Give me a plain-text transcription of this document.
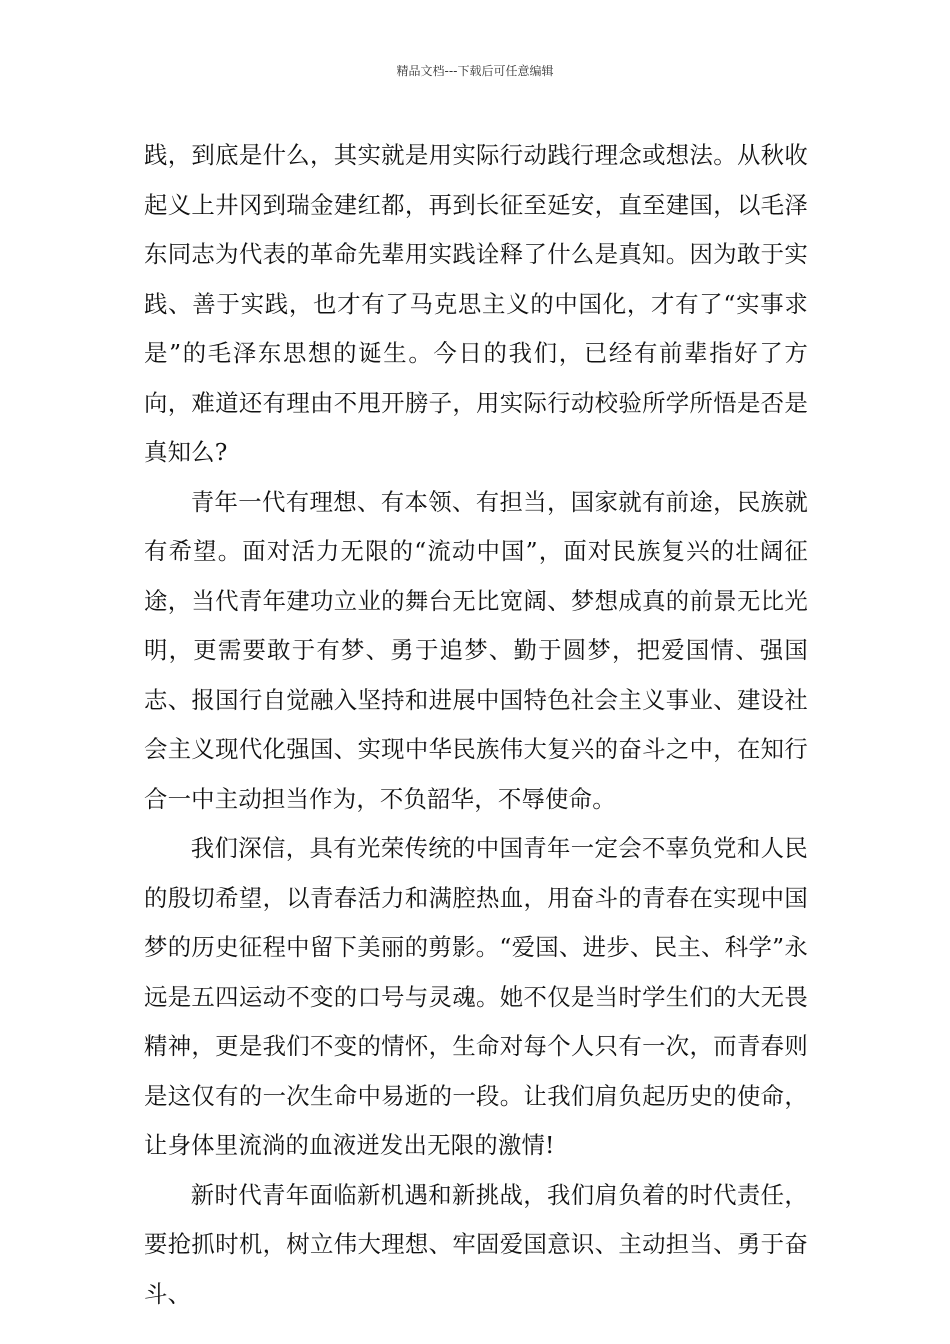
精品文档---下载后可任意编辑

践，到底是什么，其实就是用实际行动践行理念或想法。从秋收起义上井冈到瑞金建红都，再到长征至延安，直至建国，以毛泽东同志为代表的革命先辈用实践诠释了什么是真知。因为敢于实践、善于实践，也才有了马克思主义的中国化，才有了“实事求是”的毛泽东思想的诞生。今日的我们，已经有前辈指好了方向，难道还有理由不甩开膀子，用实际行动校验所学所悟是否是真知么?

青年一代有理想、有本领、有担当，国家就有前途，民族就有希望。面对活力无限的“流动中国”，面对民族复兴的壮阔征途，当代青年建功立业的舞台无比宽阔、梦想成真的前景无比光明，更需要敢于有梦、勇于追梦、勤于圆梦，把爱国情、强国志、报国行自觉融入坚持和进展中国特色社会主义事业、建设社会主义现代化强国、实现中华民族伟大复兴的奋斗之中，在知行合一中主动担当作为，不负韶华，不辱使命。

我们深信，具有光荣传统的中国青年一定会不辜负党和人民的殷切希望，以青春活力和满腔热血，用奋斗的青春在实现中国梦的历史征程中留下美丽的剪影。“爱国、进步、民主、科学”永远是五四运动不变的口号与灵魂。她不仅是当时学生们的大无畏精神，更是我们不变的情怀，生命对每个人只有一次，而青春则是这仅有的一次生命中易逝的一段。让我们肩负起历史的使命，让身体里流淌的血液迸发出无限的激情!

新时代青年面临新机遇和新挑战，我们肩负着的时代责任，要抢抓时机，树立伟大理想、牢固爱国意识、主动担当、勇于奋斗、
